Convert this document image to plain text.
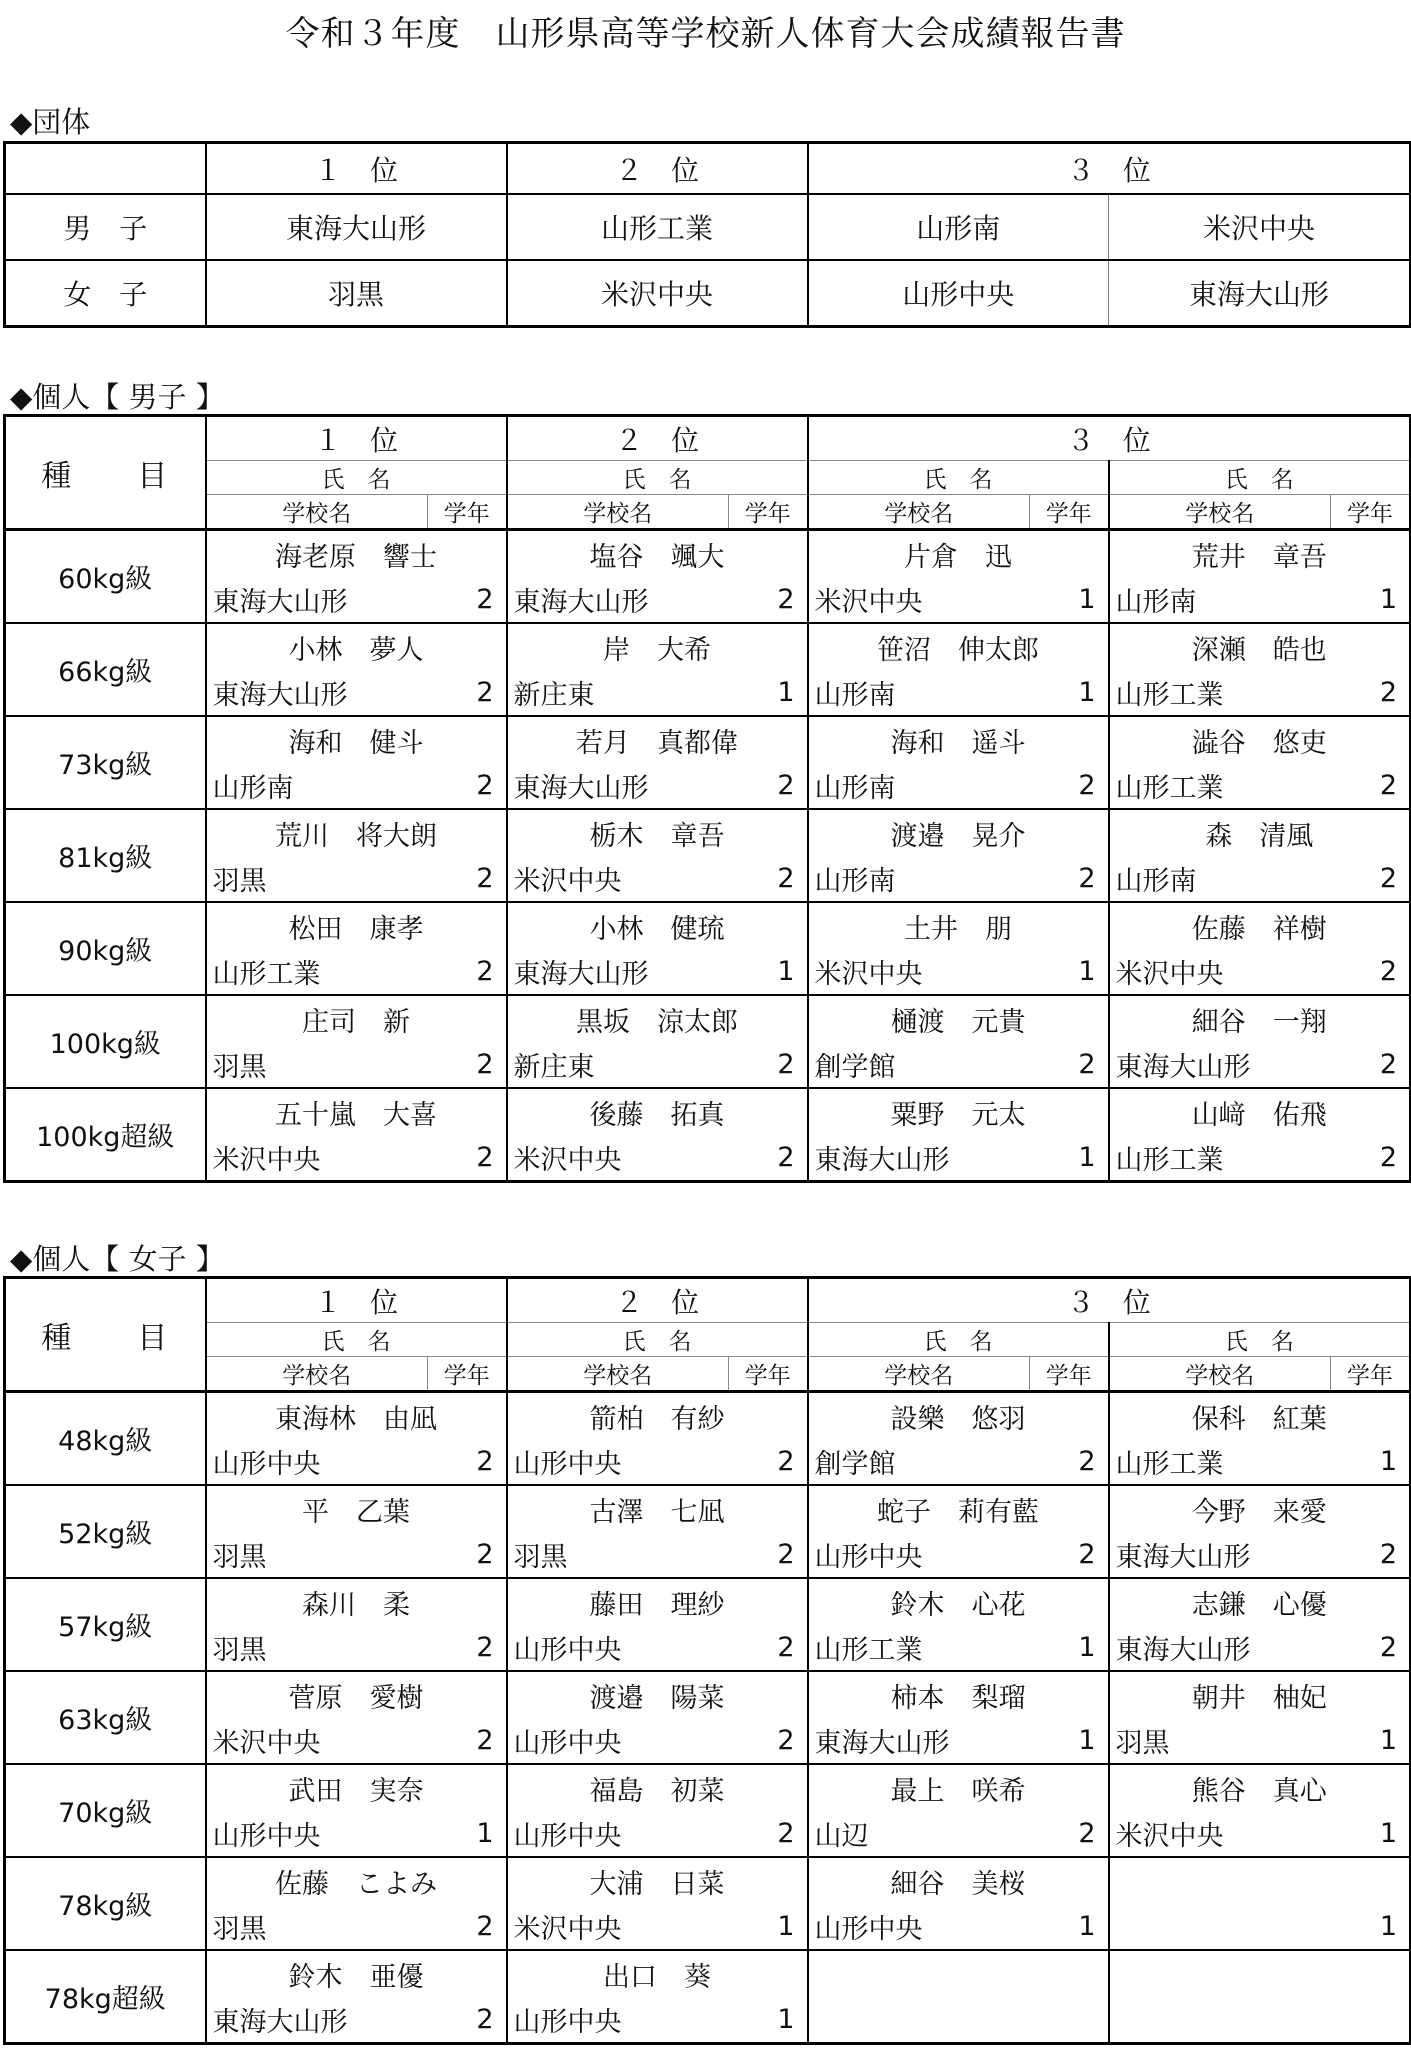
令和３年度　山形県高等学校新人体育大会成績報告書
◆団体
	１　位	２　位	３　位	
男　子	東海大山形	山形工業	山形南	米沢中央
女　子	羽黒	米沢中央	山形中央	東海大山形
◆個人【 男子 】
種　　目	１　位		２　位		３　位			
	氏　名		氏　名		氏　名		氏　名	
	学校名	学年	学校名	学年	学校名	学年	学校名	学年
60kg級	海老原　響士		塩谷　颯大		片倉　迅		荒井　章吾	
	東海大山形	2	東海大山形	2	米沢中央	1	山形南	1
66kg級	小林　夢人		岸　大希		笹沼　伸太郎		深瀬　皓也	
	東海大山形	2	新庄東	1	山形南	1	山形工業	2
73kg級	海和　健斗		若月　真都偉		海和　遥斗		澁谷　悠吏	
	山形南	2	東海大山形	2	山形南	2	山形工業	2
81kg級	荒川　将大朗		栃木　章吾		渡邉　晃介		森　清風	
	羽黒	2	米沢中央	2	山形南	2	山形南	2
90kg級	松田　康孝		小林　健琉		土井　朋		佐藤　祥樹	
	山形工業	2	東海大山形	1	米沢中央	1	米沢中央	2
100kg級	庄司　新		黒坂　涼太郎		樋渡　元貴		細谷　一翔	
	羽黒	2	新庄東	2	創学館	2	東海大山形	2
100kg超級	五十嵐　大喜		後藤　拓真		粟野　元太		山﨑　佑飛	
	米沢中央	2	米沢中央	2	東海大山形	1	山形工業	2
◆個人【 女子 】
種　　目	１　位		２　位		３　位			
	氏　名		氏　名		氏　名		氏　名	
	学校名	学年	学校名	学年	学校名	学年	学校名	学年
48kg級	東海林　由凪		箭柏　有紗		設樂　悠羽		保科　紅葉	
	山形中央	2	山形中央	2	創学館	2	山形工業	1
52kg級	平　乙葉		古澤　七凪		蛇子　莉有藍		今野　来愛	
	羽黒	2	羽黒	2	山形中央	2	東海大山形	2
57kg級	森川　柔		藤田　理紗		鈴木　心花		志鎌　心優	
	羽黒	2	山形中央	2	山形工業	1	東海大山形	2
63kg級	菅原　愛樹		渡邉　陽菜		柿本　梨瑠		朝井　柚妃	
	米沢中央	2	山形中央	2	東海大山形	1	羽黒	1
70kg級	武田　実奈		福島　初菜		最上　咲希		熊谷　真心	
	山形中央	1	山形中央	2	山辺	2	米沢中央	1
78kg級	佐藤　こよみ		大浦　日菜		細谷　美桜			
	羽黒	2	米沢中央	1	山形中央	1		1
78kg超級	鈴木　亜優		出口　葵					
	東海大山形	2	山形中央	1				
